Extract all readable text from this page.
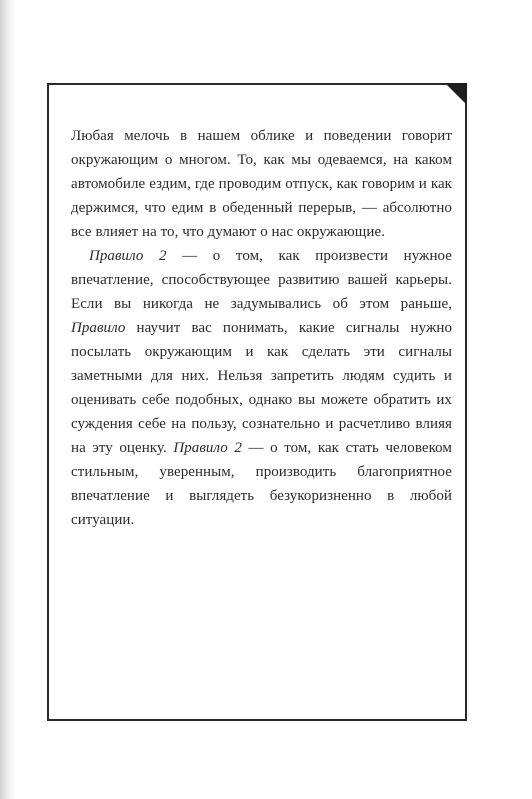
Любая мелочь в нашем облике и поведении говорит окружающим о многом. То, как мы одеваемся, на каком автомобиле ездим, где проводим отпуск, как говорим и как держимся, что едим в обеденный перерыв, — абсолютно все влияет на то, что думают о нас окружающие.

Правило 2 — о том, как произвести нужное впечатление, способствующее развитию вашей карьеры. Если вы никогда не задумывались об этом раньше, Правило научит вас понимать, какие сигналы нужно посылать окружающим и как сделать эти сигналы заметными для них. Нельзя запретить людям судить и оценивать себе подобных, однако вы можете обратить их суждения себе на пользу, сознательно и расчетливо влияя на эту оценку. Правило 2 — о том, как стать человеком стильным, уверенным, производить благоприятное впечатление и выглядеть безукоризненно в любой ситуации.
